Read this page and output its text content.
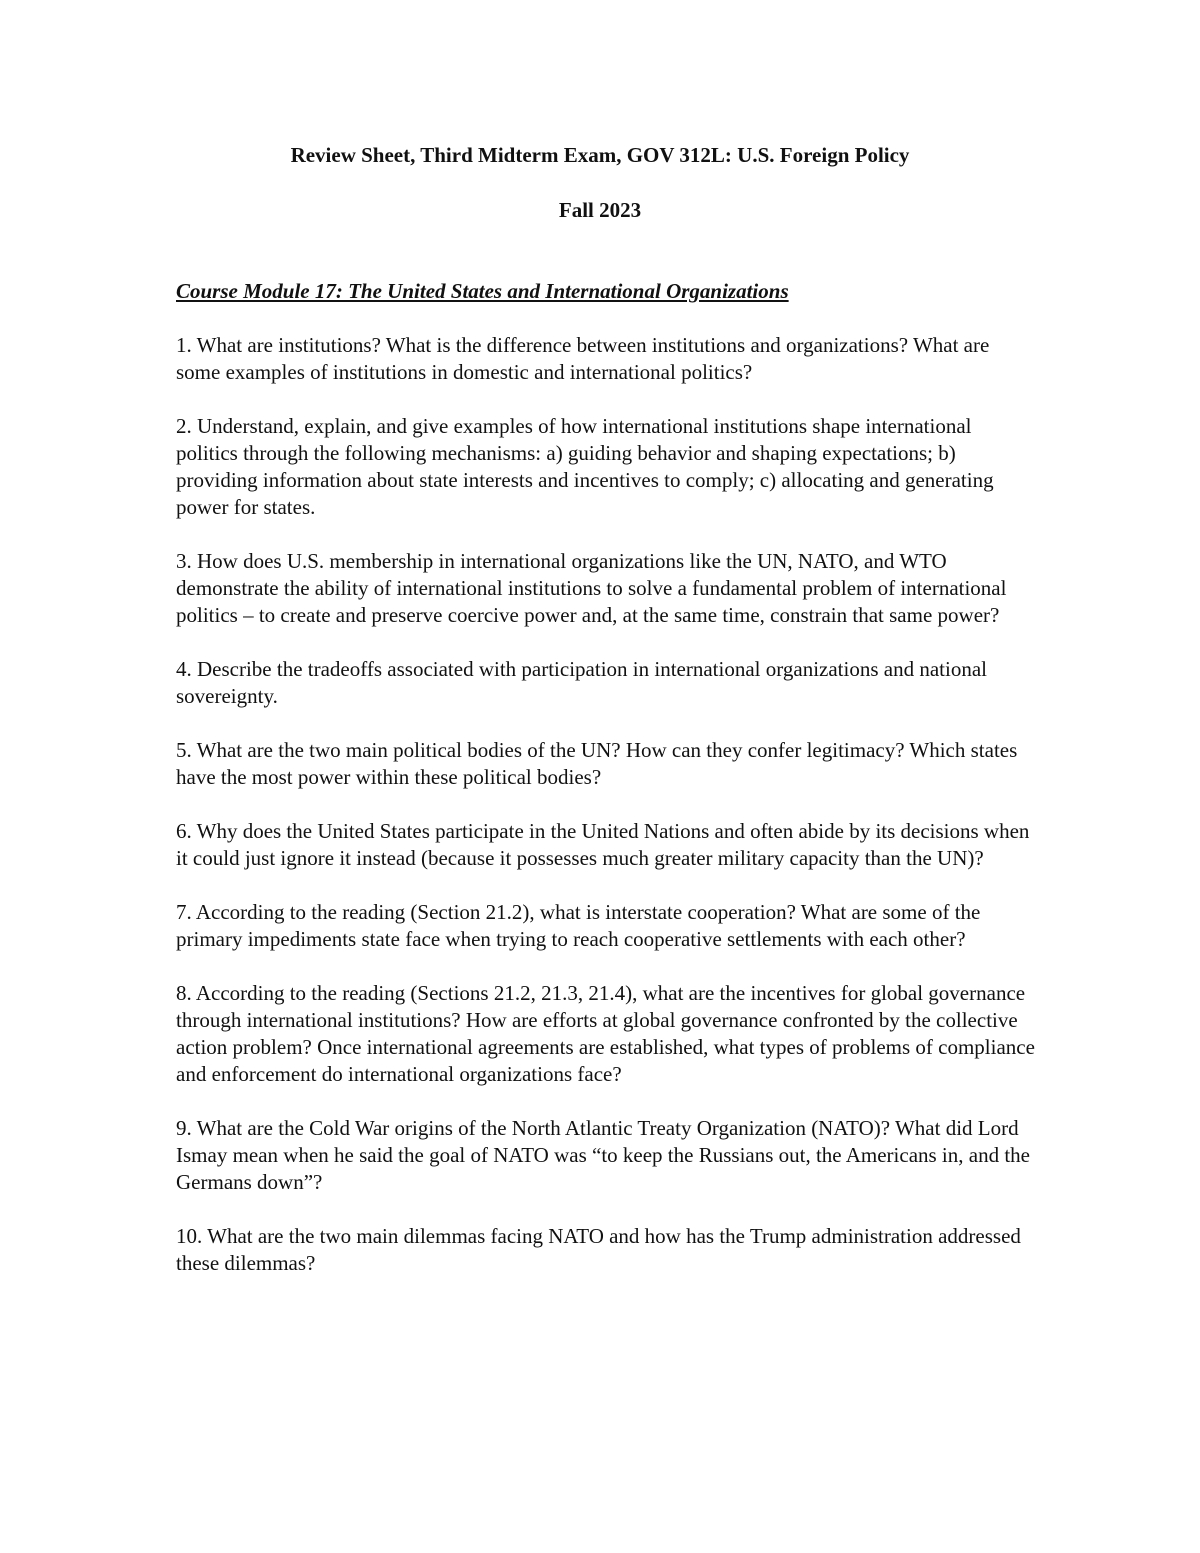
Review Sheet, Third Midterm Exam, GOV 312L: U.S. Foreign Policy
Fall 2023
Course Module 17: The United States and International Organizations
1. What are institutions? What is the difference between institutions and organizations? What are some examples of institutions in domestic and international politics?
2. Understand, explain, and give examples of how international institutions shape international politics through the following mechanisms: a) guiding behavior and shaping expectations; b) providing information about state interests and incentives to comply; c) allocating and generating power for states.
3. How does U.S. membership in international organizations like the UN, NATO, and WTO demonstrate the ability of international institutions to solve a fundamental problem of international politics – to create and preserve coercive power and, at the same time, constrain that same power?
4. Describe the tradeoffs associated with participation in international organizations and national sovereignty.
5. What are the two main political bodies of the UN? How can they confer legitimacy? Which states have the most power within these political bodies?
6. Why does the United States participate in the United Nations and often abide by its decisions when it could just ignore it instead (because it possesses much greater military capacity than the UN)?
7. According to the reading (Section 21.2), what is interstate cooperation? What are some of the primary impediments state face when trying to reach cooperative settlements with each other?
8. According to the reading (Sections 21.2, 21.3, 21.4), what are the incentives for global governance through international institutions? How are efforts at global governance confronted by the collective action problem? Once international agreements are established, what types of problems of compliance and enforcement do international organizations face?
9. What are the Cold War origins of the North Atlantic Treaty Organization (NATO)? What did Lord Ismay mean when he said the goal of NATO was “to keep the Russians out, the Americans in, and the Germans down”?
10. What are the two main dilemmas facing NATO and how has the Trump administration addressed these dilemmas?
